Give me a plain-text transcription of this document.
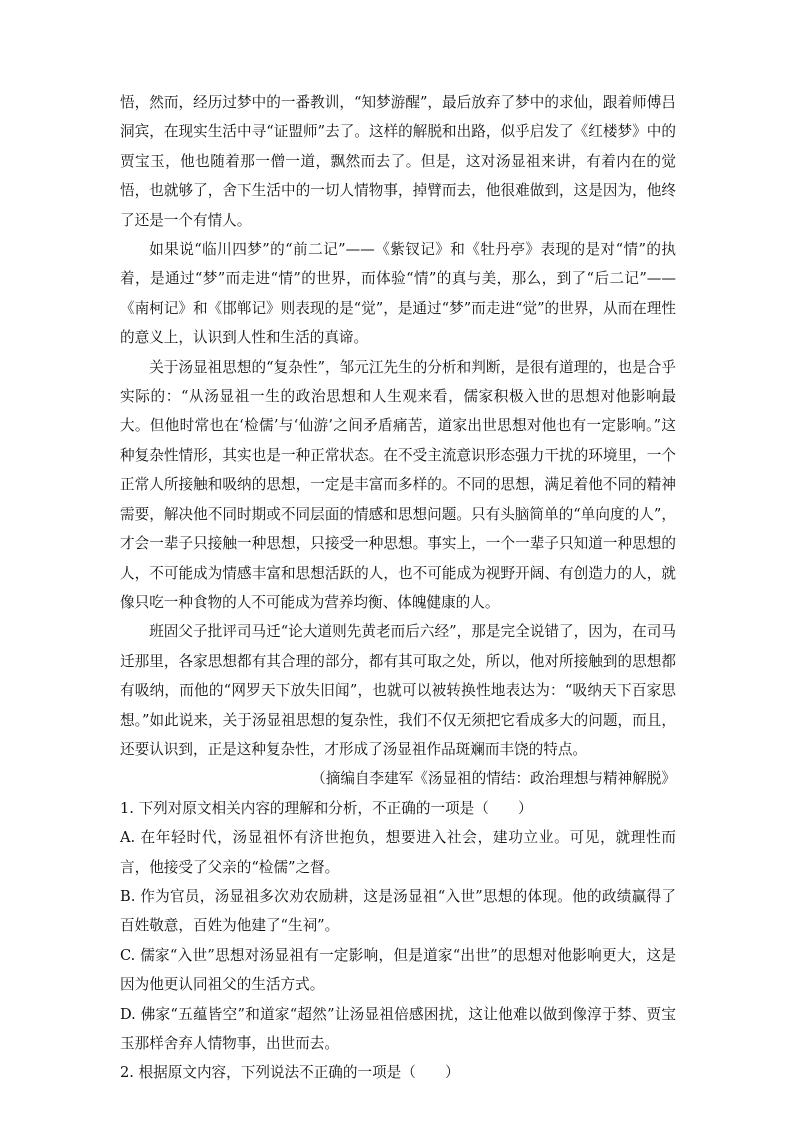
悟，然而，经历过梦中的一番教训，“知梦游醒”，最后放弃了梦中的求仙，跟着师傅吕洞宾，在现实生活中寻“证盟师”去了。这样的解脱和出路，似乎启发了《红楼梦》中的贾宝玉，他也随着那一僧一道，飘然而去了。但是，这对汤显祖来讲，有着内在的觉悟，也就够了，舍下生活中的一切人情物事，掉臂而去，他很难做到，这是因为，他终了还是一个有情人。

如果说“临川四梦”的“前二记”——《紫钗记》和《牡丹亭》表现的是对“情”的执着，是通过“梦”而走进“情”的世界，而体验“情”的真与美，那么，到了“后二记”——《南柯记》和《邯郸记》则表现的是“觉”，是通过“梦”而走进“觉”的世界，从而在理性的意义上，认识到人性和生活的真谛。

关于汤显祖思想的“复杂性”，邹元江先生的分析和判断，是很有道理的，也是合乎实际的：“从汤显祖一生的政治思想和人生观来看，儒家积极入世的思想对他影响最大。但他时常也在‘检儒’与‘仙游’之间矛盾痛苦，道家出世思想对他也有一定影响。”这种复杂性情形，其实也是一种正常状态。在不受主流意识形态强力干扰的环境里，一个正常人所接触和吸纳的思想，一定是丰富而多样的。不同的思想，满足着他不同的精神需要，解决他不同时期或不同层面的情感和思想问题。只有头脑简单的“单向度的人”，才会一辈子只接触一种思想，只接受一种思想。事实上，一个一辈子只知道一种思想的人，不可能成为情感丰富和思想活跃的人，也不可能成为视野开阔、有创造力的人，就像只吃一种食物的人不可能成为营养均衡、体魄健康的人。

班固父子批评司马迁“论大道则先黄老而后六经”，那是完全说错了，因为，在司马迁那里，各家思想都有其合理的部分，都有其可取之处，所以，他对所接触到的思想都有吸纳，而他的“网罗天下放失旧闻”，也就可以被转换性地表达为：“吸纳天下百家思想。”如此说来，关于汤显祖思想的复杂性，我们不仅无须把它看成多大的问题，而且，还要认识到，正是这种复杂性，才形成了汤显祖作品斑斓而丰饶的特点。

（摘编自李建军《汤显祖的情结：政治理想与精神解脱》

1. 下列对原文相关内容的理解和分析，不正确的一项是（　　）

A. 在年轻时代，汤显祖怀有济世抱负，想要进入社会，建功立业。可见，就理性而言，他接受了父亲的“检儒”之督。

B. 作为官员，汤显祖多次劝农励耕，这是汤显祖“入世”思想的体现。他的政绩赢得了百姓敬意，百姓为他建了“生祠”。

C. 儒家“入世”思想对汤显祖有一定影响，但是道家“出世”的思想对他影响更大，这是因为他更认同祖父的生活方式。

D. 佛家“五蕴皆空”和道家“超然”让汤显祖倍感困扰，这让他难以做到像淳于棼、贾宝玉那样舍弃人情物事，出世而去。

2. 根据原文内容，下列说法不正确的一项是（　　）
